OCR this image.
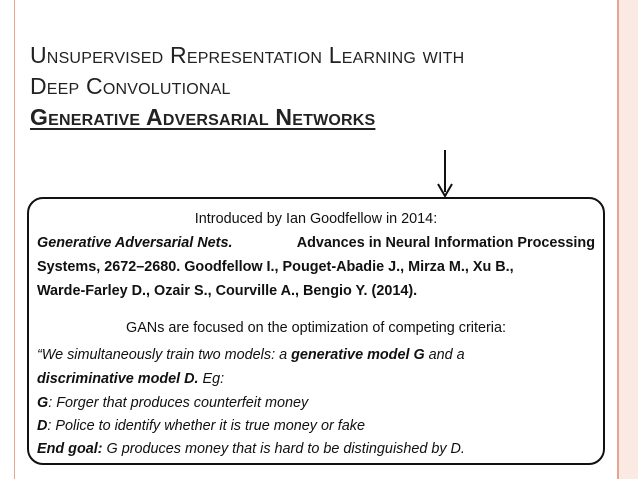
Unsupervised Representation Learning with
Deep Convolutional
Generative Adversarial Networks
Introduced by Ian Goodfellow in 2014:
Generative Adversarial Nets.	Advances in Neural Information Processing
Systems, 2672–2680. Goodfellow I., Pouget-Abadie J., Mirza M., Xu B.,
Warde-Farley D., Ozair S., Courville A., Bengio Y. (2014).
GANs are focused on the optimization of competing criteria:
“We simultaneously train two models: a generative model G and a
discriminative model D. Eg:
G: Forger that produces counterfeit money
D: Police to identify whether it is true money or fake
End goal: G produces money that is hard to be distinguished by D.
